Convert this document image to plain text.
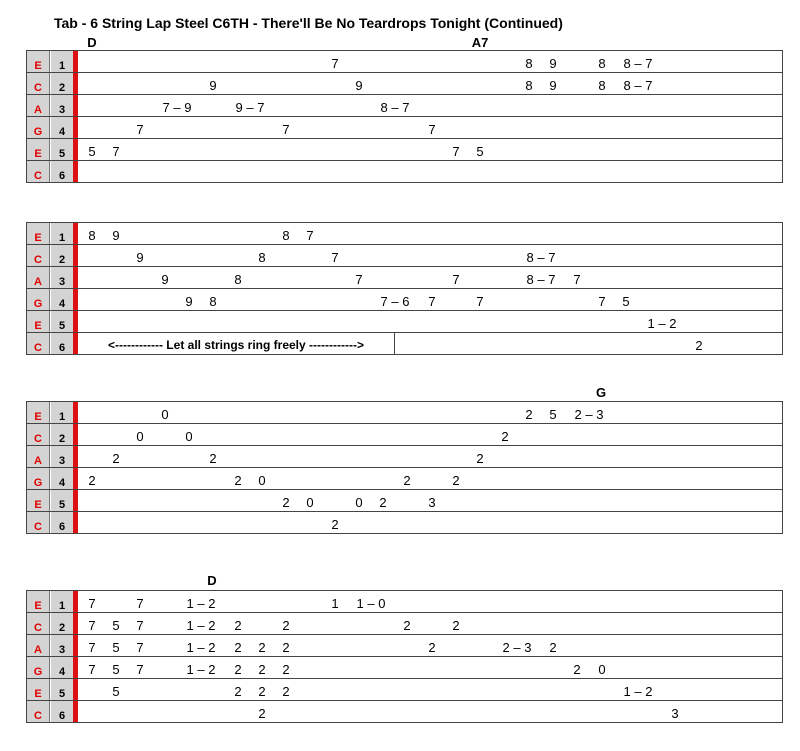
Tab - 6 String Lap Steel C6TH - There'll Be No Teardrops Tonight (Continued)
D	A7
E	1	7	8 9	8 8 – 7
C	2	9	9	8 9	8 8 – 7
A	3	7 – 9	9 – 7	8 – 7
G	4	7	7	7
E	5	5 7	7 5
C	6
E	1	8 9	8 7
C	2	9	8	7	8 – 7
A	3	9	8	7	7	8 – 7 7
G	4	9 8	7 – 6 7	7	7 5
E	5	1 – 2
C	6	2
<------------ Let all strings ring freely ------------>
G
E	1	0	2 5 2 – 3
C	2	0	0	2
A	3	2	2	2
G	4	2	2 0	2	2
E	5	2 0	0 2	3
C	6	2
D
E	1	7	7	1 – 2	1 1 – 0
C	2	7 5 7	1 – 2 2	2	2	2
A	3	7 5 7	1 – 2 2 2 2	2	2 – 3 2
G	4	7 5 7	1 – 2 2 2 2	2 0
E	5	5	2 2 2	1 – 2
C	6	2	3
